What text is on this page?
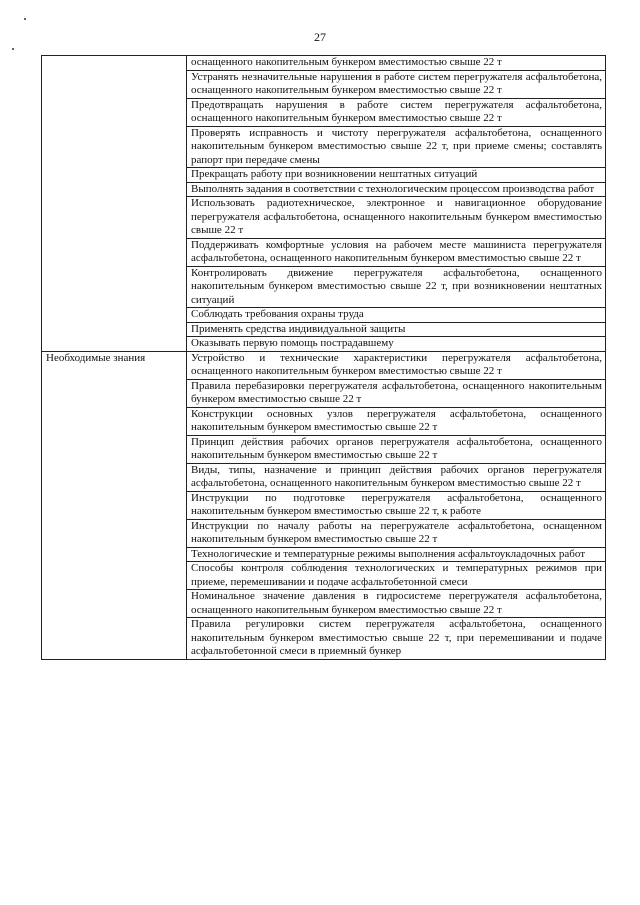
27
	оснащенного накопительным бункером вместимостью свыше 22 т
	Устранять незначительные нарушения в работе систем перегружателя асфальтобетона, оснащенного накопительным бункером вместимостью свыше 22 т
	Предотвращать нарушения в работе систем перегружателя асфальтобетона, оснащенного накопительным бункером вместимостью свыше 22 т
	Проверять исправность и чистоту перегружателя асфальтобетона, оснащенного накопительным бункером вместимостью свыше 22 т, при приеме смены; составлять рапорт при передаче смены
	Прекращать работу при возникновении нештатных ситуаций
	Выполнять задания в соответствии с технологическим процессом производства работ
	Использовать радиотехническое, электронное и навигационное оборудование перегружателя асфальтобетона, оснащенного накопительным бункером вместимостью свыше 22 т
	Поддерживать комфортные условия на рабочем месте машиниста перегружателя асфальтобетона, оснащенного накопительным бункером вместимостью свыше 22 т
	Контролировать движение перегружателя асфальтобетона, оснащенного накопительным бункером вместимостью свыше 22 т, при возникновении нештатных ситуаций
	Соблюдать требования охраны труда
	Применять средства индивидуальной защиты
	Оказывать первую помощь пострадавшему
Необходимые знания	Устройство и технические характеристики перегружателя асфальтобетона, оснащенного накопительным бункером вместимостью свыше 22 т
	Правила перебазировки перегружателя асфальтобетона, оснащенного накопительным бункером вместимостью свыше 22 т
	Конструкции основных узлов перегружателя асфальтобетона, оснащенного накопительным бункером вместимостью свыше 22 т
	Принцип действия рабочих органов перегружателя асфальтобетона, оснащенного накопительным бункером вместимостью свыше 22 т
	Виды, типы, назначение и принцип действия рабочих органов перегружателя асфальтобетона, оснащенного накопительным бункером вместимостью свыше 22 т
	Инструкции по подготовке перегружателя асфальтобетона, оснащенного накопительным бункером вместимостью свыше 22 т, к работе
	Инструкции по началу работы на перегружателе асфальтобетона, оснащенном накопительным бункером вместимостью свыше 22 т
	Технологические и температурные режимы выполнения асфальтоукладочных работ
	Способы контроля соблюдения технологических и температурных режимов при приеме, перемешивании и подаче асфальтобетонной смеси
	Номинальное значение давления в гидросистеме перегружателя асфальтобетона, оснащенного накопительным бункером вместимостью свыше 22 т
	Правила регулировки систем перегружателя асфальтобетона, оснащенного накопительным бункером вместимостью свыше 22 т, при перемешивании и подаче асфальтобетонной смеси в приемный бункер
